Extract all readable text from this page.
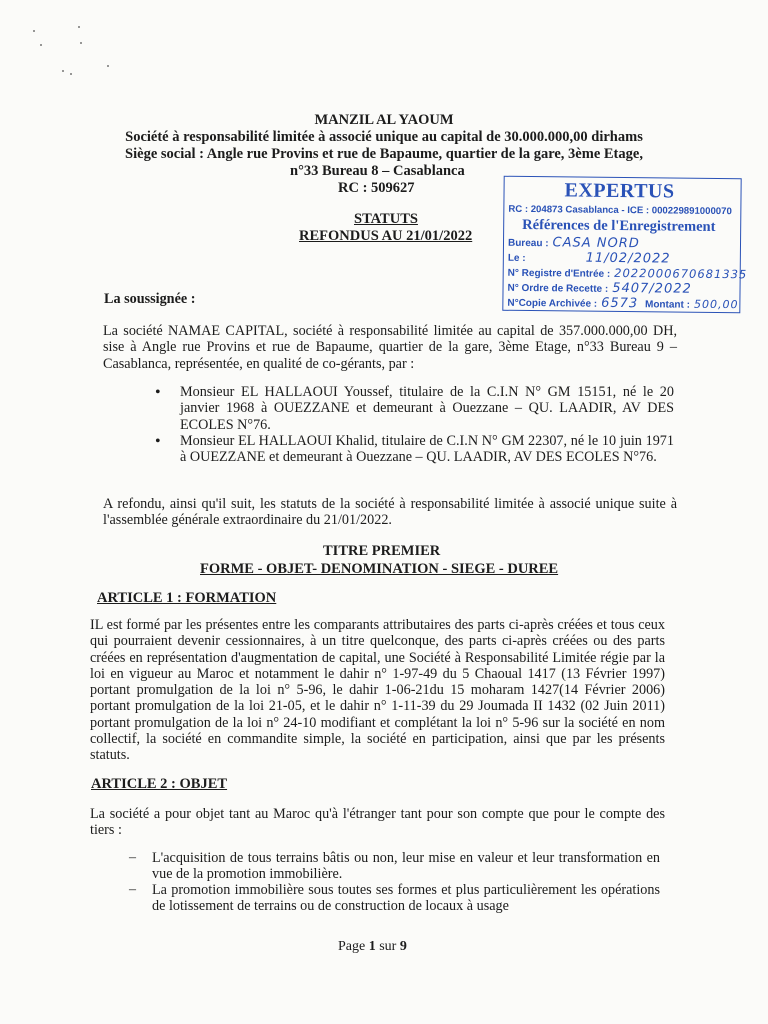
MANZIL AL YAOUM
Société à responsabilité limitée à associé unique au capital de 30.000.000,00 dirhams
Siège social : Angle rue Provins et rue de Bapaume, quartier de la gare, 3ème Etage,
n°33 Bureau 8 – Casablanca
RC : 509627
STATUTS
REFONDUS AU 21/01/2022
EXPERTUS
RC : 204873 Casablanca - ICE : 000229891000070
Références de l'Enregistrement
Bureau : CASA NORD
Le :	11/02/2022
N° Registre d'Entrée : 2022000670681335
N° Ordre de Recette : 5407/2022
N°Copie Archivée : 6573 Montant : 500,00
La soussignée :
La société NAMAE CAPITAL, société à responsabilité limitée au capital de 357.000.000,00 DH, sise à Angle rue Provins et rue de Bapaume, quartier de la gare, 3ème Etage, n°33 Bureau 9 – Casablanca, représentée, en qualité de co-gérants, par :
• Monsieur EL HALLAOUI Youssef, titulaire de la C.I.N N° GM 15151, né le 20 janvier 1968 à OUEZZANE et demeurant à Ouezzane – QU. LAADIR, AV DES ECOLES N°76.
• Monsieur EL HALLAOUI Khalid, titulaire de C.I.N N° GM 22307, né le 10 juin 1971 à OUEZZANE et demeurant à Ouezzane – QU. LAADIR, AV DES ECOLES N°76.
A refondu, ainsi qu'il suit, les statuts de la société à responsabilité limitée à associé unique suite à l'assemblée générale extraordinaire du 21/01/2022.
TITRE PREMIER
FORME - OBJET- DENOMINATION - SIEGE - DUREE
ARTICLE 1 : FORMATION
IL est formé par les présentes entre les comparants attributaires des parts ci-après créées et tous ceux qui pourraient devenir cessionnaires, à un titre quelconque, des parts ci-après créées ou des parts créées en représentation d'augmentation de capital, une Société à Responsabilité Limitée régie par la loi en vigueur au Maroc et notamment le dahir n° 1-97-49 du 5 Chaoual 1417 (13 Février 1997) portant promulgation de la loi n° 5-96, le dahir 1-06-21du 15 moharam 1427(14 Février 2006) portant promulgation de la loi 21-05, et le dahir n° 1-11-39 du 29 Joumada II 1432 (02 Juin 2011) portant promulgation de la loi n° 24-10 modifiant et complétant la loi n° 5-96 sur la société en nom collectif, la société en commandite simple, la société en participation, ainsi que par les présents statuts.
ARTICLE 2 : OBJET
La société a pour objet tant au Maroc qu'à l'étranger tant pour son compte que pour le compte des tiers :
– L'acquisition de tous terrains bâtis ou non, leur mise en valeur et leur transformation en vue de la promotion immobilière.
– La promotion immobilière sous toutes ses formes et plus particulièrement les opérations de lotissement de terrains ou de construction de locaux à usage
Page 1 sur 9
